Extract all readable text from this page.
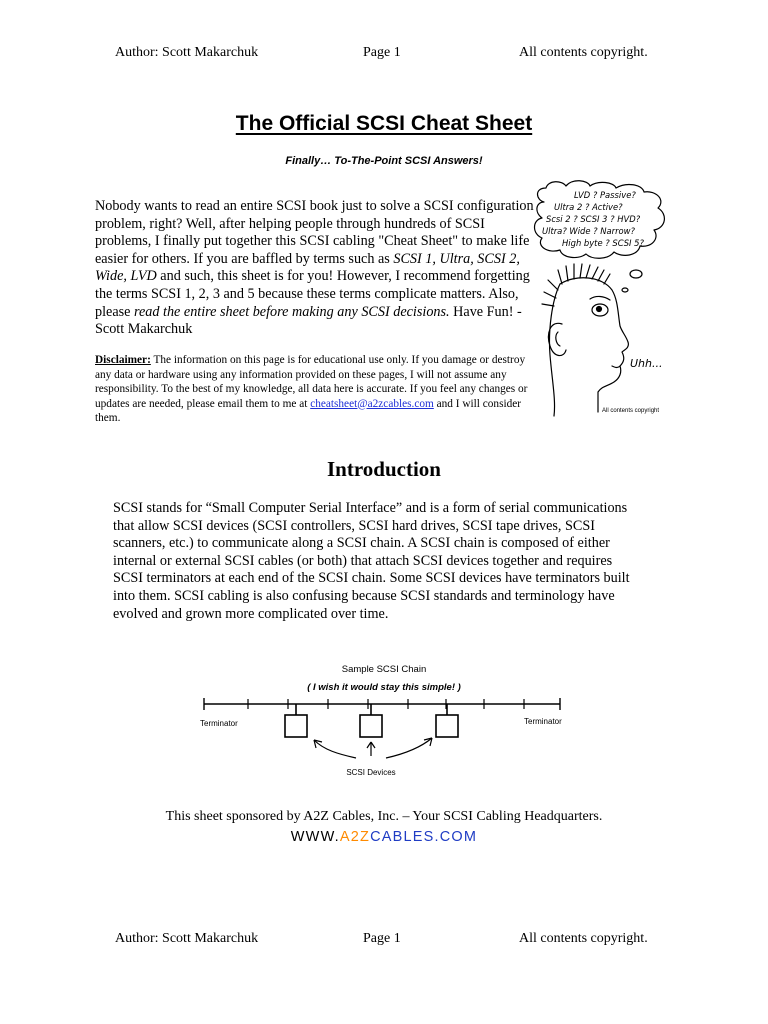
Author: Scott Makarchuk	Page 1	All contents copyright.
The Official SCSI Cheat Sheet
Finally… To-The-Point SCSI Answers!
Nobody wants to read an entire SCSI book just to solve a SCSI configuration problem, right? Well, after helping people through hundreds of SCSI problems, I finally put together this SCSI cabling "Cheat Sheet" to make life easier for others. If you are baffled by terms such as SCSI 1, Ultra, SCSI 2, Wide, LVD and such, this sheet is for you! However, I recommend forgetting the terms SCSI 1, 2, 3 and 5 because these terms complicate matters. Also, please read the entire sheet before making any SCSI decisions. Have Fun! - Scott Makarchuk
Disclaimer: The information on this page is for educational use only. If you damage or destroy any data or hardware using any information provided on these pages, I will not assume any responsibility. To the best of my knowledge, all data here is accurate. If you feel any changes or updates are needed, please email them to me at cheatsheet@a2zcables.com and I will consider them.
LVD ? Passive?
Ultra 2 ? Active?
Scsi 2 ? SCSI 3 ? HVD?
Ultra? Wide ? Narrow?
High byte ? SCSI 5?
Uhh...
All contents copyright
Introduction
SCSI stands for “Small Computer Serial Interface” and is a form of serial communications that allow SCSI devices (SCSI controllers, SCSI hard drives, SCSI tape drives, SCSI scanners, etc.) to communicate along a SCSI chain. A SCSI chain is composed of either internal or external SCSI cables (or both) that attach SCSI devices together and requires SCSI terminators at each end of the SCSI chain. Some SCSI devices have terminators built into them. SCSI cabling is also confusing because SCSI standards and terminology have evolved and grown more complicated over time.
Sample SCSI Chain
( I wish it would stay this simple! )
Terminator	Terminator
SCSI Devices
This sheet sponsored by A2Z Cables, Inc. – Your SCSI Cabling Headquarters.
WWW.A2ZCABLES.COM
Author: Scott Makarchuk	Page 1	All contents copyright.
